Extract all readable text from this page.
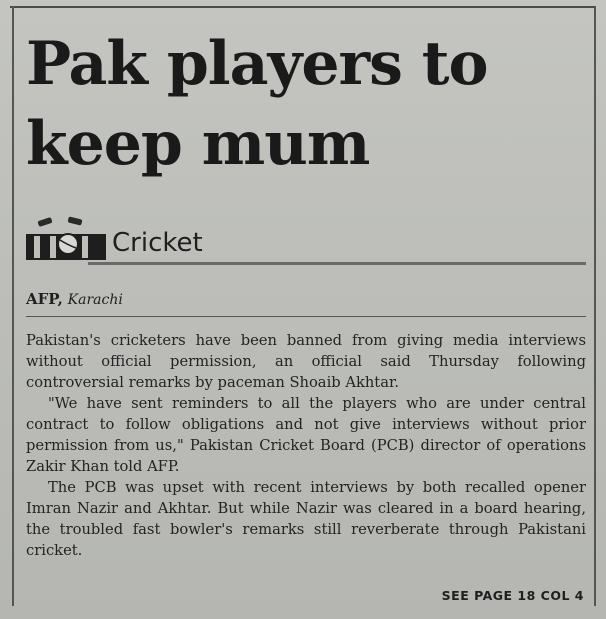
Pak players to
keep mum
Cricket
AFP, Karachi

Pakistan's cricketers have been banned from giving media interviews without official permission, an official said Thursday following controversial remarks by paceman Shoaib Akhtar.

"We have sent reminders to all the players who are under central contract to follow obligations and not give interviews without prior permission from us," Pakistan Cricket Board (PCB) director of operations Zakir Khan told AFP.

The PCB was upset with recent interviews by both recalled opener Imran Nazir and Akhtar. But while Nazir was cleared in a board hearing, the troubled fast bowler's remarks still reverberate through Pakistani cricket.

SEE PAGE 18 COL 4
